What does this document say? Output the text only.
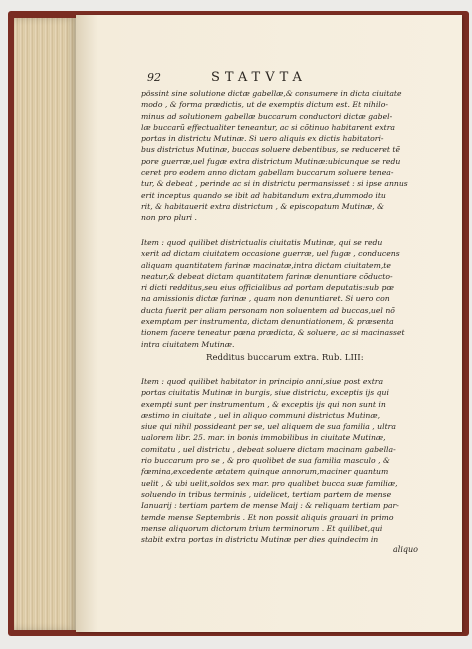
92	STATVTA
pössint sine solutione dictæ gabellæ,& consumere in dicta ciuitate
modo , & forma prædictis, ut de exemptis dictum est. Et nihilo-
minus ad solutionem gabellæ buccarum conductori dictæ gabel-
læ buccarũ effectualiter teneantur, ac si cõtinuo habitarent extra
portas in districtu Mutinæ. Si uero aliquis ex dictis habitatori-
bus districtus Mutinæ, buccas soluere debentibus, se reduceret tẽ
pore guerræ,uel fugæ extra districtum Mutinæ:ubicunque se redu
ceret pro eodem anno dictam gabellam buccarum soluere tenea-
tur, & debeat , perinde ac si in districtu permansisset : si ipse annus
erit inceptus quando se ibit ad habitandum extra,dummodo itu
rit, & habitauerit extra districtum , & episcopatum Mutinæ, &
non pro pluri .
Item : quod quilibet districtualis ciuitatis Mutinæ, qui se redu
xerit ad dictam ciuitatem occasione guerræ, uel fugæ , conducens
aliquam quantitatem farinæ macinatæ,intra dictam ciuitatem,te
neatur,& debeat dictam quantitatem farinæ denuntiare cõducto-
ri dicti redditus,seu eius officialibus ad portam deputatis:sub pœ
na amissionis dictæ farinæ , quam non denuntiaret. Si uero con
ducta fuerit per aliam personam non soluentem ad buccas,uel nõ
exemptam per instrumenta, dictam denuntiationem, & præsenta
tionem facere teneatur pœna prædicta, & soluere, ac si macinasset
intra ciuitatem Mutinæ.
Redditus buccarum extra. Rub. LIII:
Item : quod quilibet habitator in principio anni,siue post extra
portas ciuitatis Mutinæ in burgis, siue districtu, exceptis ijs qui
exempti sunt per instrumentum , & exceptis ijs qui non sunt in
æstimo in ciuitate , uel in aliquo communi districtus Mutinæ,
siue qui nihil possideant per se, uel aliquem de sua familia , ultra
ualorem libr. 25. mar. in bonis immobilibus in ciuitate Mutinæ,
comitatu , uel districtu , debeat soluere dictam macinam gabella-
rio buccarum pro se , & pro quolibet de sua familia masculo , &
fœmina,excedente ætatem quinque annorum,maciner quantum
uelit , & ubi uelit,soldos sex mar. pro qualibet bucca suæ familiæ,
soluendo in tribus terminis , uidelicet, tertiam partem de mense
Ianuarij : tertiam partem de mense Maij : & reliquam tertiam par-
temde mense Septembris . Et non possit aliquis grauari in primo
mense aliquorum dictorum trium terminorum . Et quilibet,qui
stabit extra portas in districtu Mutinæ per dies quindecim in
aliquo
